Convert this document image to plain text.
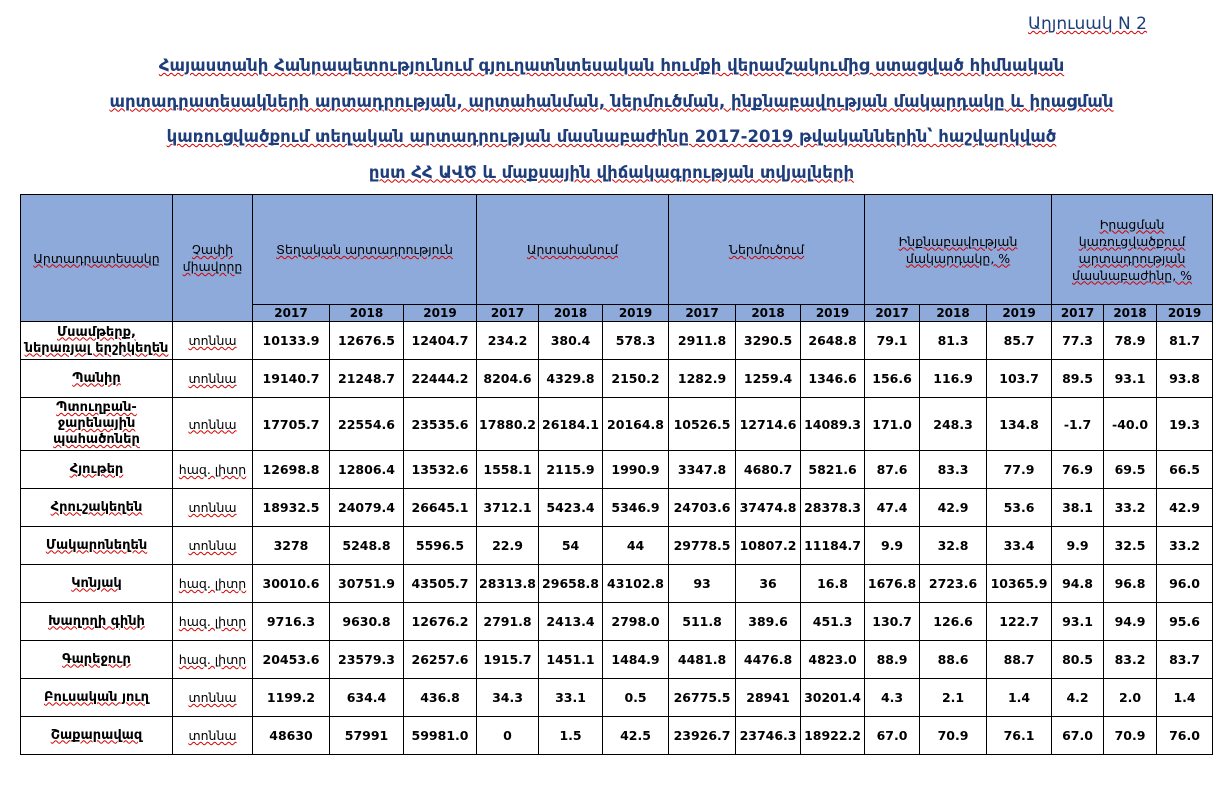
Աղյուսակ N 2
Հայաստանի Հանրապետությունում գյուղատնտեսական հումքի վերամշակումից ստացված հիմնական
արտադրատեսակների արտադրության, արտահանման, ներմուծման, ինքնաբավության մակարդակը և իրացման
կառուցվածքում տեղական արտադրության մասնաբաժինը 2017-2019 թվականներին՝ հաշվարկված
ըստ ՀՀ ԱՎԾ և մաքսային վիճակագրության տվյալների
Արտադրատեսակը	Չափի միավորը	Տեղական արտադրություն			Արտահանում			Ներմուծում			Ինքնաբավության մակարդակը, %			Իրացման կառուցվածքում արտադրության մասնաբաժինը, %		
		2017	2018	2019	2017	2018	2019	2017	2018	2019	2017	2018	2019	2017	2018	2019
Մսամթերք, ներառյալ երշիկեղեն	տոննա	10133.9	12676.5	12404.7	234.2	380.4	578.3	2911.8	3290.5	2648.8	79.1	81.3	85.7	77.3	78.9	81.7
Պանիր	տոննա	19140.7	21248.7	22444.2	8204.6	4329.8	2150.2	1282.9	1259.4	1346.6	156.6	116.9	103.7	89.5	93.1	93.8
Պտուղբան-ջարենային պահածոներ	տոննա	17705.7	22554.6	23535.6	17880.2	26184.1	20164.8	10526.5	12714.6	14089.3	171.0	248.3	134.8	-1.7	-40.0	19.3
Հյութեր	հազ. լիտր	12698.8	12806.4	13532.6	1558.1	2115.9	1990.9	3347.8	4680.7	5821.6	87.6	83.3	77.9	76.9	69.5	66.5
Հրուշակեղեն	տոննա	18932.5	24079.4	26645.1	3712.1	5423.4	5346.9	24703.6	37474.8	28378.3	47.4	42.9	53.6	38.1	33.2	42.9
Մակարոնեղեն	տոննա	3278	5248.8	5596.5	22.9	54	44	29778.5	10807.2	11184.7	9.9	32.8	33.4	9.9	32.5	33.2
Կոնյակ	հազ. լիտր	30010.6	30751.9	43505.7	28313.8	29658.8	43102.8	93	36	16.8	1676.8	2723.6	10365.9	94.8	96.8	96.0
Խաղողի գինի	հազ. լիտր	9716.3	9630.8	12676.2	2791.8	2413.4	2798.0	511.8	389.6	451.3	130.7	126.6	122.7	93.1	94.9	95.6
Գարեջուր	հազ. լիտր	20453.6	23579.3	26257.6	1915.7	1451.1	1484.9	4481.8	4476.8	4823.0	88.9	88.6	88.7	80.5	83.2	83.7
Բուսական յուղ	տոննա	1199.2	634.4	436.8	34.3	33.1	0.5	26775.5	28941	30201.4	4.3	2.1	1.4	4.2	2.0	1.4
Շաքարավազ	տոննա	48630	57991	59981.0	0	1.5	42.5	23926.7	23746.3	18922.2	67.0	70.9	76.1	67.0	70.9	76.0
